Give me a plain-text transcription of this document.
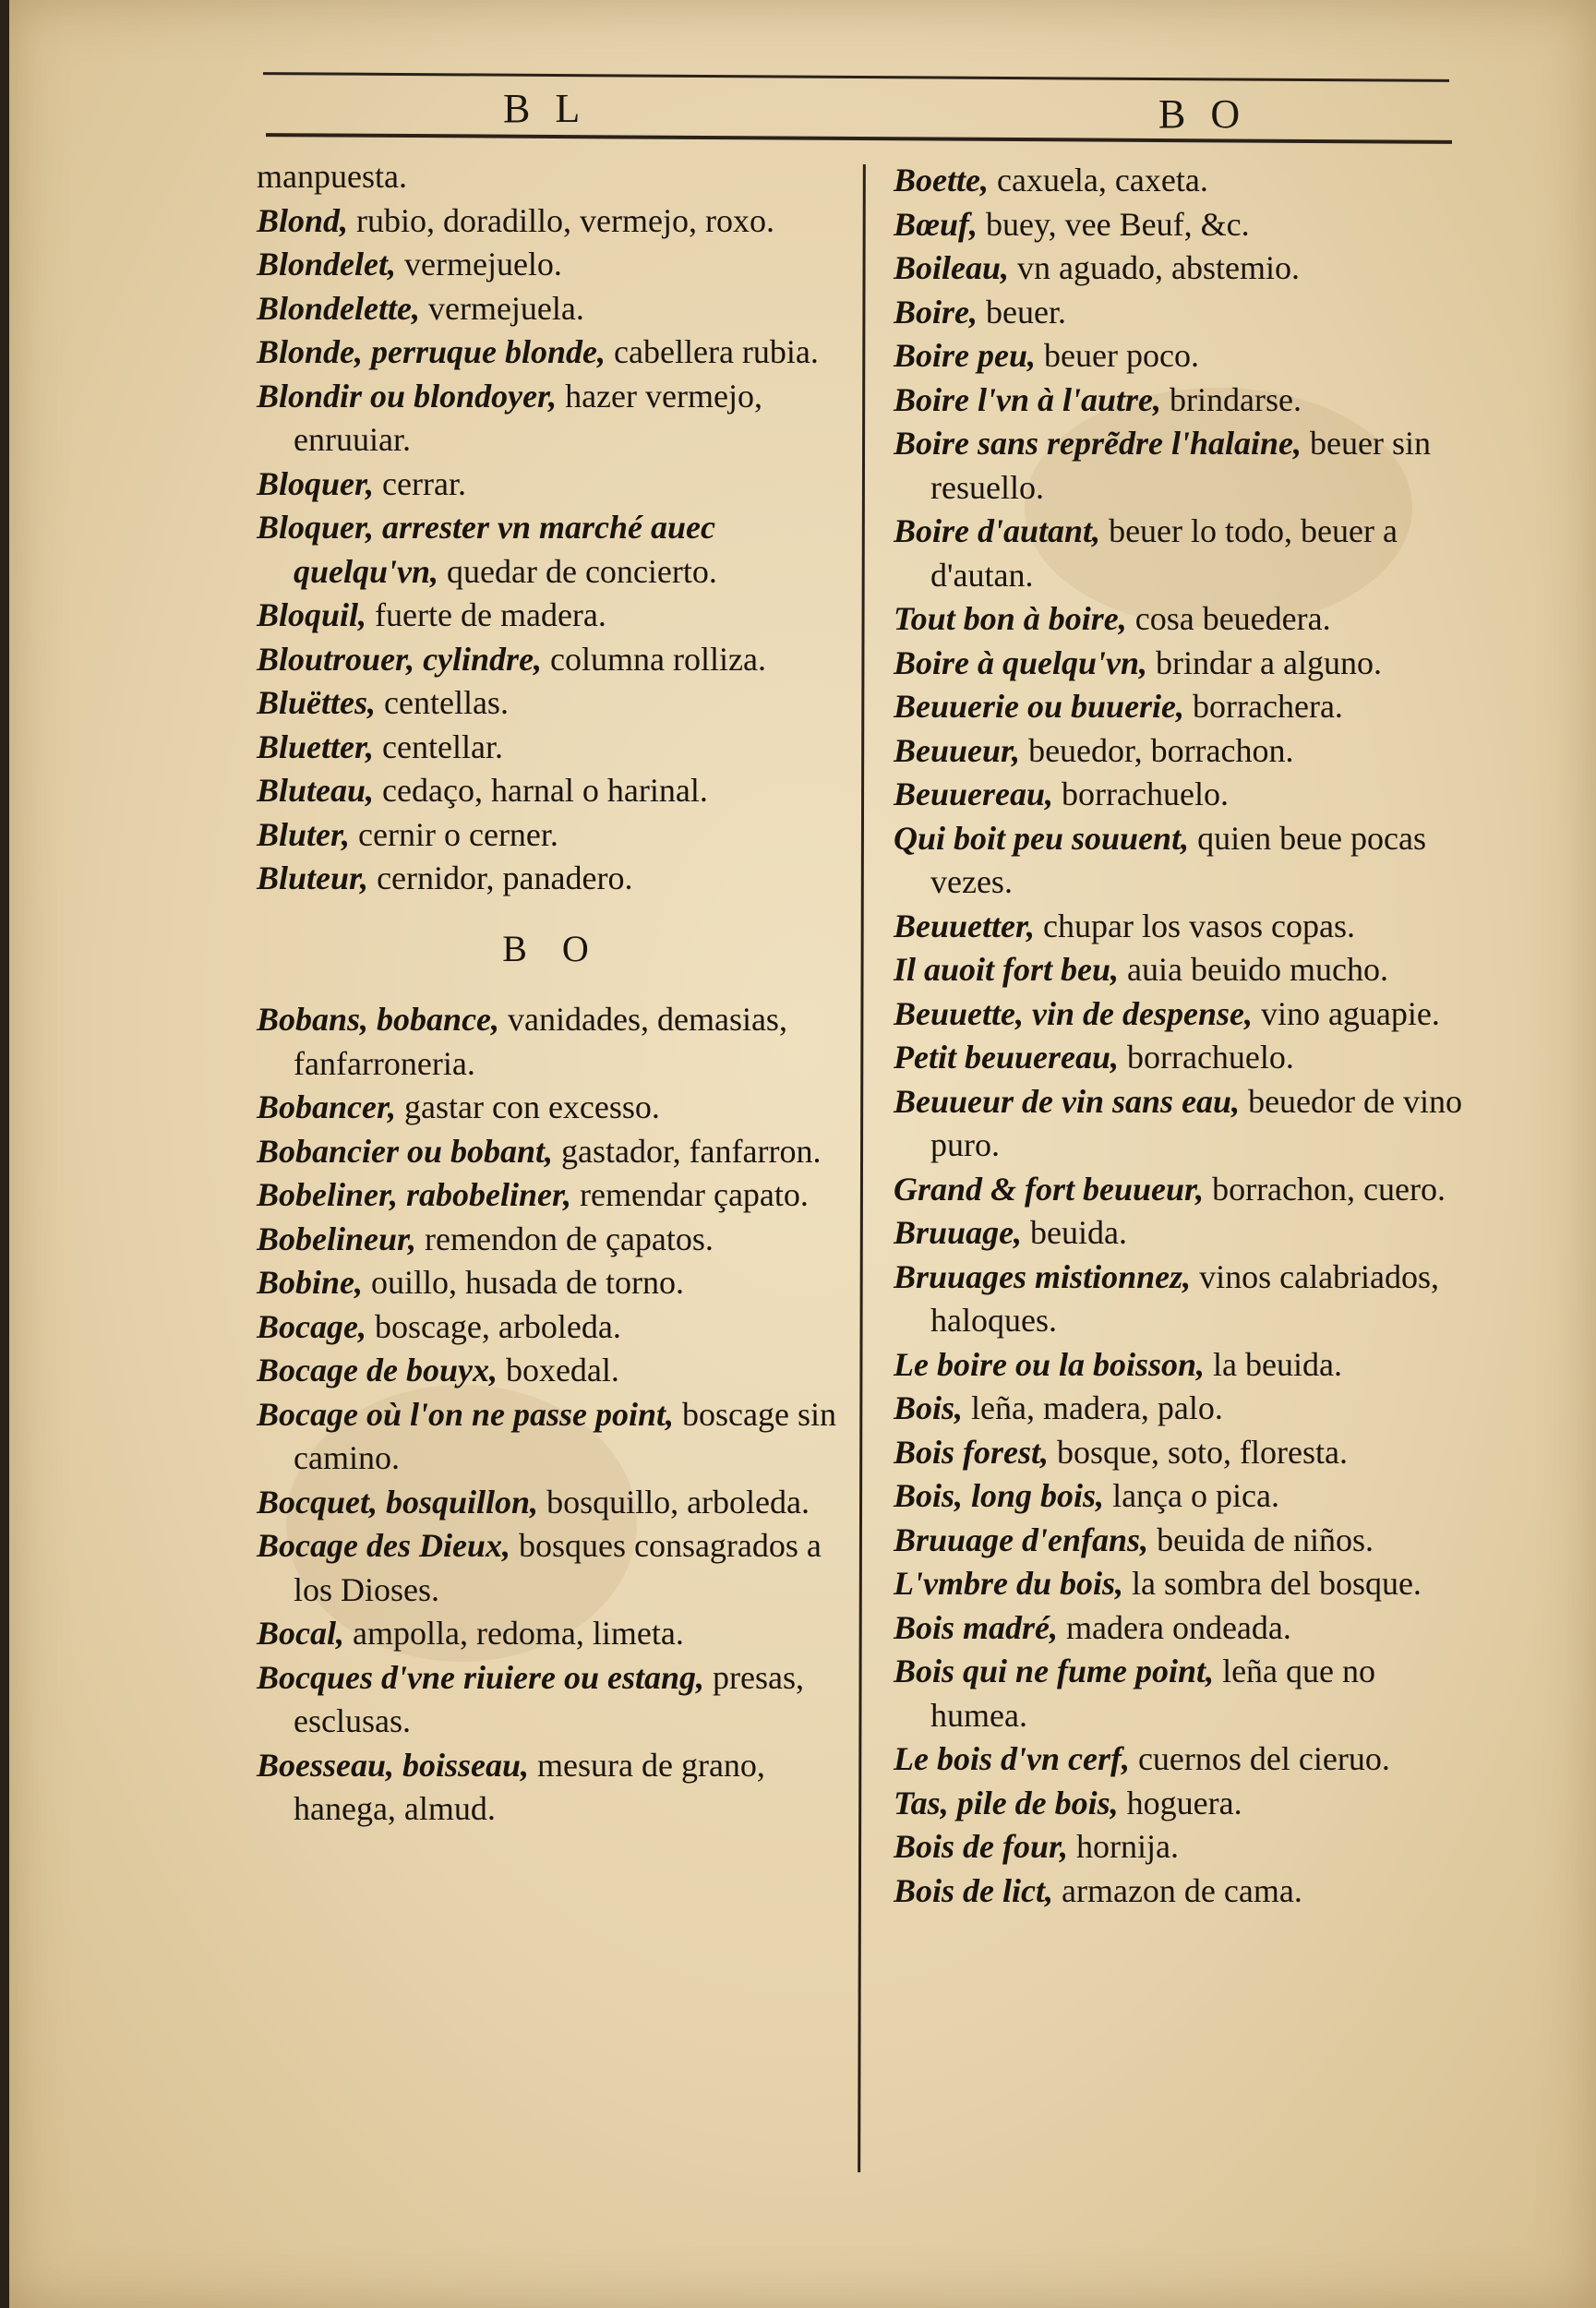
B L	B O

manpuesta.

Blond, rubio, doradillo, vermejo, roxo.

Blondelet, vermejuelo.

Blondelette, vermejuela.

Blonde, perruque blonde, cabellera rubia.

Blondir ou blondoyer, hazer vermejo, enruuiar.

Bloquer, cerrar.

Bloquer, arrester vn marché auec quelqu'vn, quedar de concierto.

Bloquil, fuerte de madera.

Bloutrouer, cylindre, columna rolliza.

Bluëttes, centellas.

Bluetter, centellar.

Bluteau, cedaço, harnal o harinal.

Bluter, cernir o cerner.

Bluteur, cernidor, panadero.

B O

Bobans, bobance, vanidades, demasias, fanfarroneria.

Bobancer, gastar con excesso.

Bobancier ou bobant, gastador, fanfarron.

Bobeliner, rabobeliner, remendar çapato.

Bobelineur, remendon de çapatos.

Bobine, ouillo, husada de torno.

Bocage, boscage, arboleda.

Bocage de bouyx, boxedal.

Bocage où l'on ne passe point, boscage sin camino.

Bocquet, bosquillon, bosquillo, arboleda.

Bocage des Dieux, bosques consagrados a los Dioses.

Bocal, ampolla, redoma, limeta.

Bocques d'vne riuiere ou estang, presas, esclusas.

Boesseau, boisseau, mesura de grano, hanega, almud.

Boette, caxuela, caxeta.

Bœuf, buey, vee Beuf, &c.

Boileau, vn aguado, abstemio.

Boire, beuer.

Boire peu, beuer poco.

Boire l'vn à l'autre, brindarse.

Boire sans reprẽdre l'halaine, beuer sin resuello.

Boire d'autant, beuer lo todo, beuer a d'autan.

Tout bon à boire, cosa beuedera.

Boire à quelqu'vn, brindar a alguno.

Beuuerie ou buuerie, borrachera.

Beuueur, beuedor, borrachon.

Beuuereau, borrachuelo.

Qui boit peu souuent, quien beue pocas vezes.

Beuuetter, chupar los vasos copas.

Il auoit fort beu, auia beuido mucho.

Beuuette, vin de despense, vino aguapie.

Petit beuuereau, borrachuelo.

Beuueur de vin sans eau, beuedor de vino puro.

Grand & fort beuueur, borrachon, cuero.

Bruuage, beuida.

Bruuages mistionnez, vinos calabriados, haloques.

Le boire ou la boisson, la beuida.

Bois, leña, madera, palo.

Bois forest, bosque, soto, floresta.

Bois, long bois, lança o pica.

Bruuage d'enfans, beuida de niños.

L'vmbre du bois, la sombra del bosque.

Bois madré, madera ondeada.

Bois qui ne fume point, leña que no humea.

Le bois d'vn cerf, cuernos del cieruo.

Tas, pile de bois, hoguera.

Bois de four, hornija.

Bois de lict, armazon de cama.
